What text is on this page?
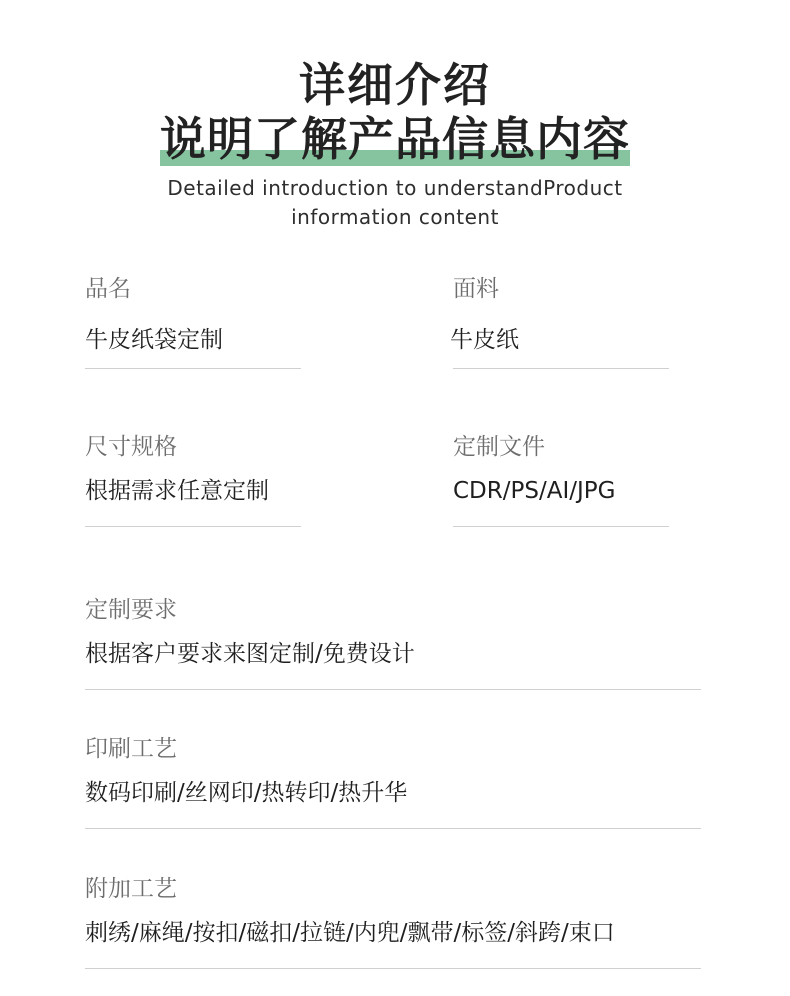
详细介绍
说明了解产品信息内容
Detailed introduction to understandProduct
information content
品名
牛皮纸袋定制
面料
牛皮纸
尺寸规格
根据需求任意定制
定制文件
CDR/PS/AI/JPG
定制要求
根据客户要求来图定制/免费设计
印刷工艺
数码印刷/丝网印/热转印/热升华
附加工艺
刺绣/麻绳/按扣/磁扣/拉链/内兜/飘带/标签/斜跨/束口
